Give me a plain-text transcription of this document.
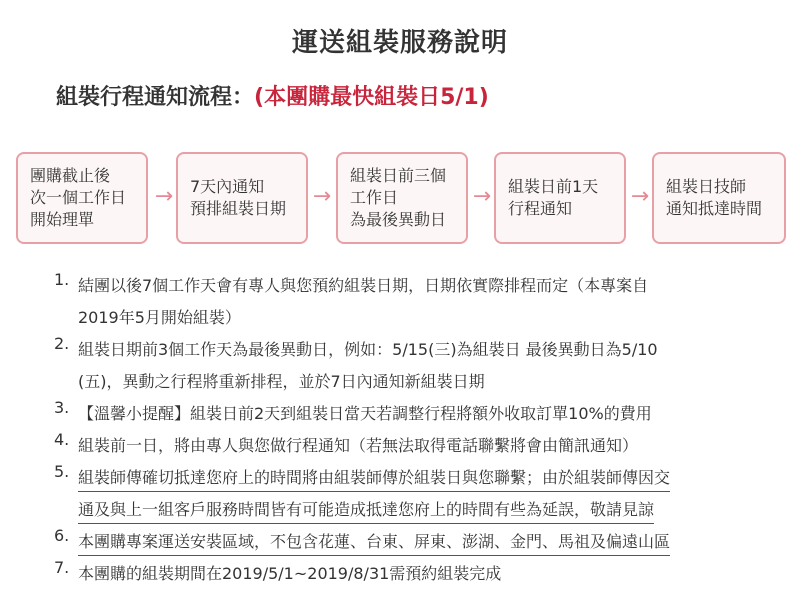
運送組裝服務說明
組裝行程通知流程：(本團購最快組裝日5/1)
團購截止後
次一個工作日
開始理單
→ 7天內通知
預排組裝日期 →
組裝日前三個
工作日
為最後異動日
→ 組裝日前1天
行程通知	→ 組裝日技師
通知抵達時間
1. 結團以後7個工作天會有專人與您預約組裝日期，日期依實際排程而定（本專案自
2019年5月開始組裝）
2. 組裝日期前3個工作天為最後異動日，例如：5/15(三)為組裝日 最後異動日為5/10
(五)，異動之行程將重新排程，並於7日內通知新組裝日期
3. 【溫馨小提醒】組裝日前2天到組裝日當天若調整行程將額外收取訂單10%的費用
4. 組裝前一日，將由專人與您做行程通知（若無法取得電話聯繫將會由簡訊通知）
5. 組裝師傳確切抵達您府上的時間將由組裝師傳於組裝日與您聯繫；由於組裝師傳因交
通及與上一組客戶服務時間皆有可能造成抵達您府上的時間有些為延誤，敬請見諒
6. 本團購專案運送安裝區域，不包含花蓮、台東、屏東、澎湖、金門、馬祖及偏遠山區
7. 本團購的組裝期間在2019/5/1~2019/8/31需預約組裝完成
